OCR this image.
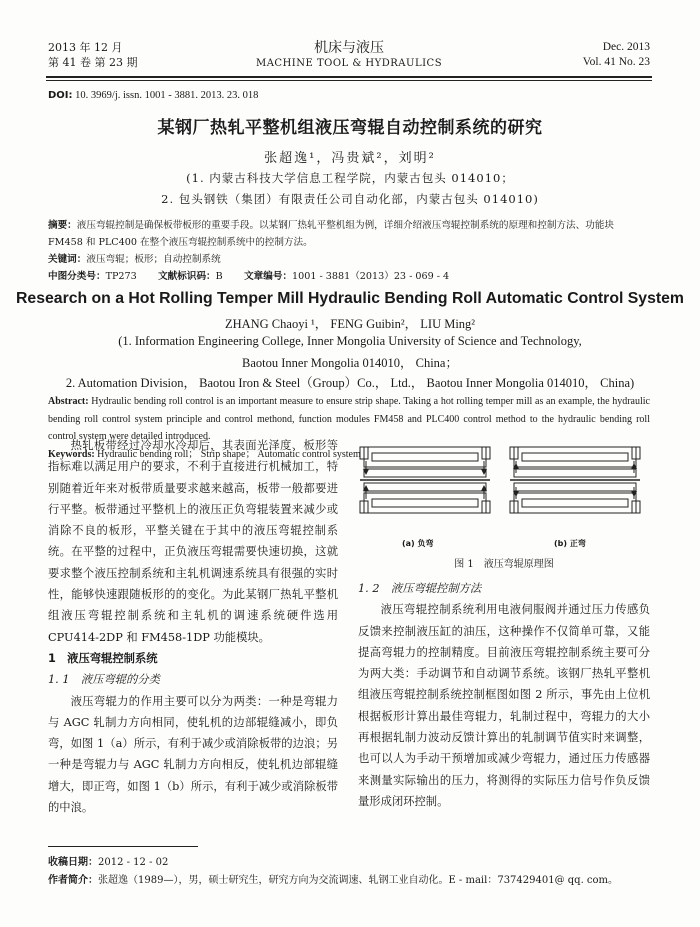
2013 年 12 月
第 41 卷 第 23 期
机床与液压
MACHINE TOOL & HYDRAULICS
Dec. 2013
Vol. 41 No. 23
DOI: 10. 3969/j. issn. 1001 - 3881. 2013. 23. 018
某钢厂热轧平整机组液压弯辊自动控制系统的研究
张超逸¹，冯贵斌²，刘明²
(1. 内蒙古科技大学信息工程学院，内蒙古包头 014010；
2. 包头钢铁（集团）有限责任公司自动化部，内蒙古包头 014010)
摘要：液压弯辊控制是确保板带板形的重要手段。以某钢厂热轧平整机组为例，详细介绍液压弯辊控制系统的原理和控制方法、功能块 FM458 和 PLC400 在整个液压弯辊控制系统中的控制方法。
关键词：液压弯辊；板形；自动控制系统
中图分类号：TP273 文献标识码：B 文章编号：1001 - 3881（2013）23 - 069 - 4
Research on a Hot Rolling Temper Mill Hydraulic Bending Roll Automatic Control System
ZHANG Chaoyi ¹， FENG Guibin²， LIU Ming²
(1. Information Engineering College, Inner Mongolia University of Science and Technology,
Baotou Inner Mongolia 014010， China；
2. Automation Division， Baotou Iron & Steel（Group）Co.， Ltd.， Baotou Inner Mongolia 014010， China)
Abstract: Hydraulic bending roll control is an important measure to ensure strip shape. Taking a hot rolling temper mill as an example, the hydraulic bending roll control system principle and control methond, function modules FM458 and PLC400 control method to the hydraulic bending roll control system were detailed introduced.
Keywords: Hydraulic bending roll； Strip shape； Automatic control system

热轧板带经过冷却水冷却后，其表面光泽度、板形等指标难以满足用户的要求，不利于直接进行机械加工，特别随着近年来对板带质量要求越来越高，板带一般都要进行平整。板带通过平整机上的液压正负弯辊装置来减少或消除不良的板形，平整关键在于其中的液压弯辊控制系统。在平整的过程中，正负液压弯辊需要快速切换，这就要求整个液压控制系统和主轧机调速系统具有很强的实时性，能够快速跟随板形的的变化。为此某钢厂热轧平整机组液压弯辊控制系统和主轧机的调速系统硬件选用 CPU414-2DP 和 FM458-1DP 功能模块。

1　液压弯辊控制系统

1. 1　液压弯辊的分类

液压弯辊力的作用主要可以分为两类：一种是弯辊力与 AGC 轧制力方向相同，使轧机的边部辊缝减小，即负弯，如图 1（a）所示，有利于减少或消除板带的边浪；另一种是弯辊力与 AGC 轧制力方向相反，使轧机边部辊缝增大，即正弯，如图 1（b）所示，有利于减少或消除板带的中浪。

(a) 负弯	(b) 正弯
图 1　液压弯辊原理图

1. 2　液压弯辊控制方法

液压弯辊控制系统利用电液伺服阀并通过压力传感负反馈来控制液压缸的油压，这种操作不仅简单可靠，又能提高弯辊力的控制精度。目前液压弯辊控制系统主要可分为两大类：手动调节和自动调节系统。该钢厂热轧平整机组液压弯辊控制系统控制框图如图 2 所示，事先由上位机根据板形计算出最佳弯辊力，轧制过程中，弯辊力的大小再根据轧制力波动反馈计算出的轧制调节值实时来调整，也可以人为手动干预增加或减少弯辊力，通过压力传感器来测量实际输出的压力，将测得的实际压力信号作负反馈量形成闭环控制。

收稿日期：2012 - 12 - 02
作者简介：张超逸（1989—），男，硕士研究生，研究方向为交流调速、轧钢工业自动化。E - mail：737429401@ qq. com。
